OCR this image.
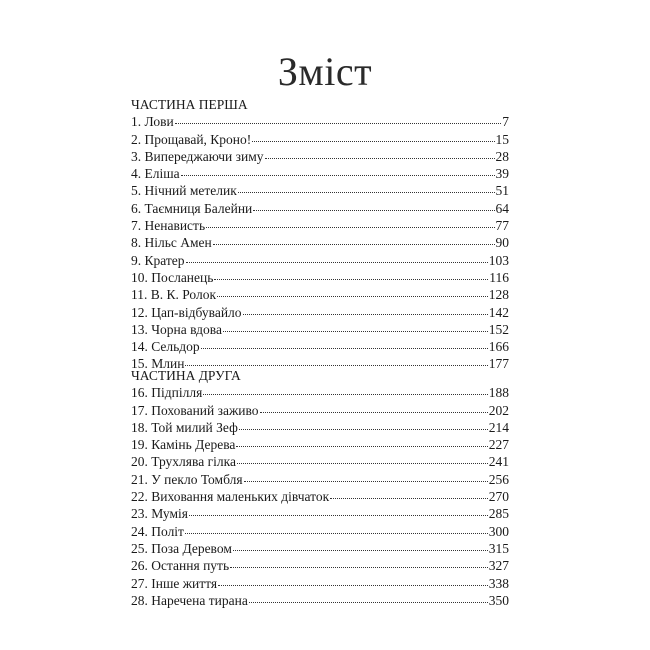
Зміст
ЧАСТИНА ПЕРША
1. Лови	7
2. Прощавай, Кроно!	15
3. Випереджаючи зиму	28
4. Еліша	39
5. Нічний метелик	51
6. Таємниця Балейни	64
7. Ненависть	77
8. Нільс Амен	90
9. Кратер	103
10. Посланець	116
11. В. К. Ролок	128
12. Цап-відбувайло	142
13. Чорна вдова	152
14. Сельдор	166
15. Млин	177
ЧАСТИНА ДРУГА
16. Підпілля	188
17. Похований заживо	202
18. Той милий Зеф	214
19. Камінь Дерева	227
20. Трухлява гілка	241
21. У пекло Томбля	256
22. Виховання маленьких дівчаток	270
23. Мумія	285
24. Політ	300
25. Поза Деревом	315
26. Остання путь	327
27. Інше життя	338
28. Наречена тирана	350
